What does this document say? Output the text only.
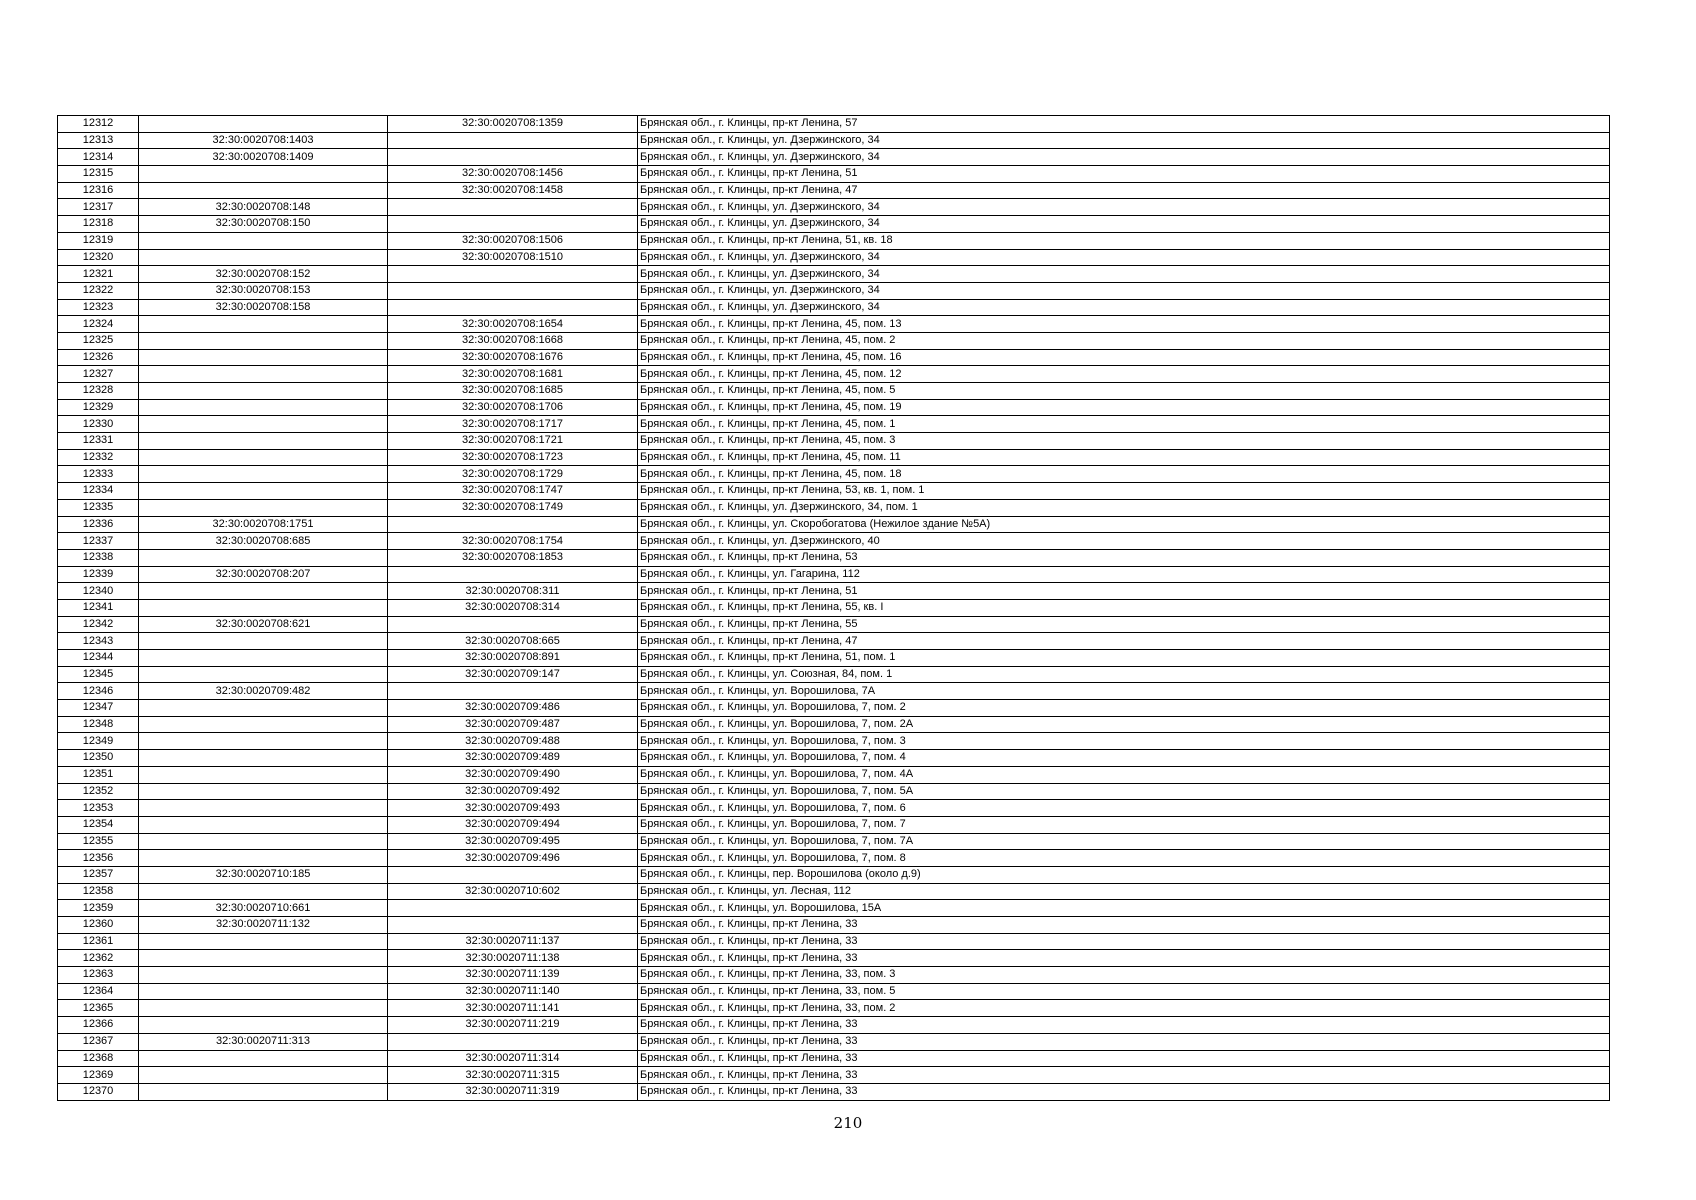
12312		32:30:0020708:1359	Брянская обл., г. Клинцы, пр-кт Ленина, 57
12313	32:30:0020708:1403		Брянская обл., г. Клинцы, ул. Дзержинского, 34
12314	32:30:0020708:1409		Брянская обл., г. Клинцы, ул. Дзержинского, 34
12315		32:30:0020708:1456	Брянская обл., г. Клинцы, пр-кт Ленина, 51
12316		32:30:0020708:1458	Брянская обл., г. Клинцы, пр-кт Ленина, 47
12317	32:30:0020708:148		Брянская обл., г. Клинцы, ул. Дзержинского, 34
12318	32:30:0020708:150		Брянская обл., г. Клинцы, ул. Дзержинского, 34
12319		32:30:0020708:1506	Брянская обл., г. Клинцы, пр-кт Ленина, 51, кв. 18
12320		32:30:0020708:1510	Брянская обл., г. Клинцы, ул. Дзержинского, 34
12321	32:30:0020708:152		Брянская обл., г. Клинцы, ул. Дзержинского, 34
12322	32:30:0020708:153		Брянская обл., г. Клинцы, ул. Дзержинского, 34
12323	32:30:0020708:158		Брянская обл., г. Клинцы, ул. Дзержинского, 34
12324		32:30:0020708:1654	Брянская обл., г. Клинцы, пр-кт Ленина, 45, пом. 13
12325		32:30:0020708:1668	Брянская обл., г. Клинцы, пр-кт Ленина, 45, пом. 2
12326		32:30:0020708:1676	Брянская обл., г. Клинцы, пр-кт Ленина, 45, пом. 16
12327		32:30:0020708:1681	Брянская обл., г. Клинцы, пр-кт Ленина, 45, пом. 12
12328		32:30:0020708:1685	Брянская обл., г. Клинцы, пр-кт Ленина, 45, пом. 5
12329		32:30:0020708:1706	Брянская обл., г. Клинцы, пр-кт Ленина, 45, пом. 19
12330		32:30:0020708:1717	Брянская обл., г. Клинцы, пр-кт Ленина, 45, пом. 1
12331		32:30:0020708:1721	Брянская обл., г. Клинцы, пр-кт Ленина, 45, пом. 3
12332		32:30:0020708:1723	Брянская обл., г. Клинцы, пр-кт Ленина, 45, пом. 11
12333		32:30:0020708:1729	Брянская обл., г. Клинцы, пр-кт Ленина, 45, пом. 18
12334		32:30:0020708:1747	Брянская обл., г. Клинцы, пр-кт Ленина, 53, кв. 1, пом. 1
12335		32:30:0020708:1749	Брянская обл., г. Клинцы, ул. Дзержинского, 34, пом. 1
12336	32:30:0020708:1751		Брянская обл., г. Клинцы, ул. Скоробогатова (Нежилое здание №5А)
12337	32:30:0020708:685	32:30:0020708:1754	Брянская обл., г. Клинцы, ул. Дзержинского, 40
12338		32:30:0020708:1853	Брянская обл., г. Клинцы, пр-кт Ленина, 53
12339	32:30:0020708:207		Брянская обл., г. Клинцы, ул. Гагарина, 112
12340		32:30:0020708:311	Брянская обл., г. Клинцы, пр-кт Ленина, 51
12341		32:30:0020708:314	Брянская обл., г. Клинцы, пр-кт Ленина, 55, кв. I
12342	32:30:0020708:621		Брянская обл., г. Клинцы, пр-кт Ленина, 55
12343		32:30:0020708:665	Брянская обл., г. Клинцы, пр-кт Ленина, 47
12344		32:30:0020708:891	Брянская обл., г. Клинцы, пр-кт Ленина, 51, пом. 1
12345		32:30:0020709:147	Брянская обл., г. Клинцы, ул. Союзная, 84, пом. 1
12346	32:30:0020709:482		Брянская обл., г. Клинцы, ул. Ворошилова, 7А
12347		32:30:0020709:486	Брянская обл., г. Клинцы, ул. Ворошилова, 7, пом. 2
12348		32:30:0020709:487	Брянская обл., г. Клинцы, ул. Ворошилова, 7, пом. 2А
12349		32:30:0020709:488	Брянская обл., г. Клинцы, ул. Ворошилова, 7, пом. 3
12350		32:30:0020709:489	Брянская обл., г. Клинцы, ул. Ворошилова, 7, пом. 4
12351		32:30:0020709:490	Брянская обл., г. Клинцы, ул. Ворошилова, 7, пом. 4А
12352		32:30:0020709:492	Брянская обл., г. Клинцы, ул. Ворошилова, 7, пом. 5А
12353		32:30:0020709:493	Брянская обл., г. Клинцы, ул. Ворошилова, 7, пом. 6
12354		32:30:0020709:494	Брянская обл., г. Клинцы, ул. Ворошилова, 7, пом. 7
12355		32:30:0020709:495	Брянская обл., г. Клинцы, ул. Ворошилова, 7, пом. 7А
12356		32:30:0020709:496	Брянская обл., г. Клинцы, ул. Ворошилова, 7, пом. 8
12357	32:30:0020710:185		Брянская обл., г. Клинцы, пер. Ворошилова (около д.9)
12358		32:30:0020710:602	Брянская обл., г. Клинцы, ул. Лесная, 112
12359	32:30:0020710:661		Брянская обл., г. Клинцы, ул. Ворошилова, 15А
12360	32:30:0020711:132		Брянская обл., г. Клинцы, пр-кт Ленина, 33
12361		32:30:0020711:137	Брянская обл., г. Клинцы, пр-кт Ленина, 33
12362		32:30:0020711:138	Брянская обл., г. Клинцы, пр-кт Ленина, 33
12363		32:30:0020711:139	Брянская обл., г. Клинцы, пр-кт Ленина, 33, пом. 3
12364		32:30:0020711:140	Брянская обл., г. Клинцы, пр-кт Ленина, 33, пом. 5
12365		32:30:0020711:141	Брянская обл., г. Клинцы, пр-кт Ленина, 33, пом. 2
12366		32:30:0020711:219	Брянская обл., г. Клинцы, пр-кт Ленина, 33
12367	32:30:0020711:313		Брянская обл., г. Клинцы, пр-кт Ленина, 33
12368		32:30:0020711:314	Брянская обл., г. Клинцы, пр-кт Ленина, 33
12369		32:30:0020711:315	Брянская обл., г. Клинцы, пр-кт Ленина, 33
12370		32:30:0020711:319	Брянская обл., г. Клинцы, пр-кт Ленина, 33
210
